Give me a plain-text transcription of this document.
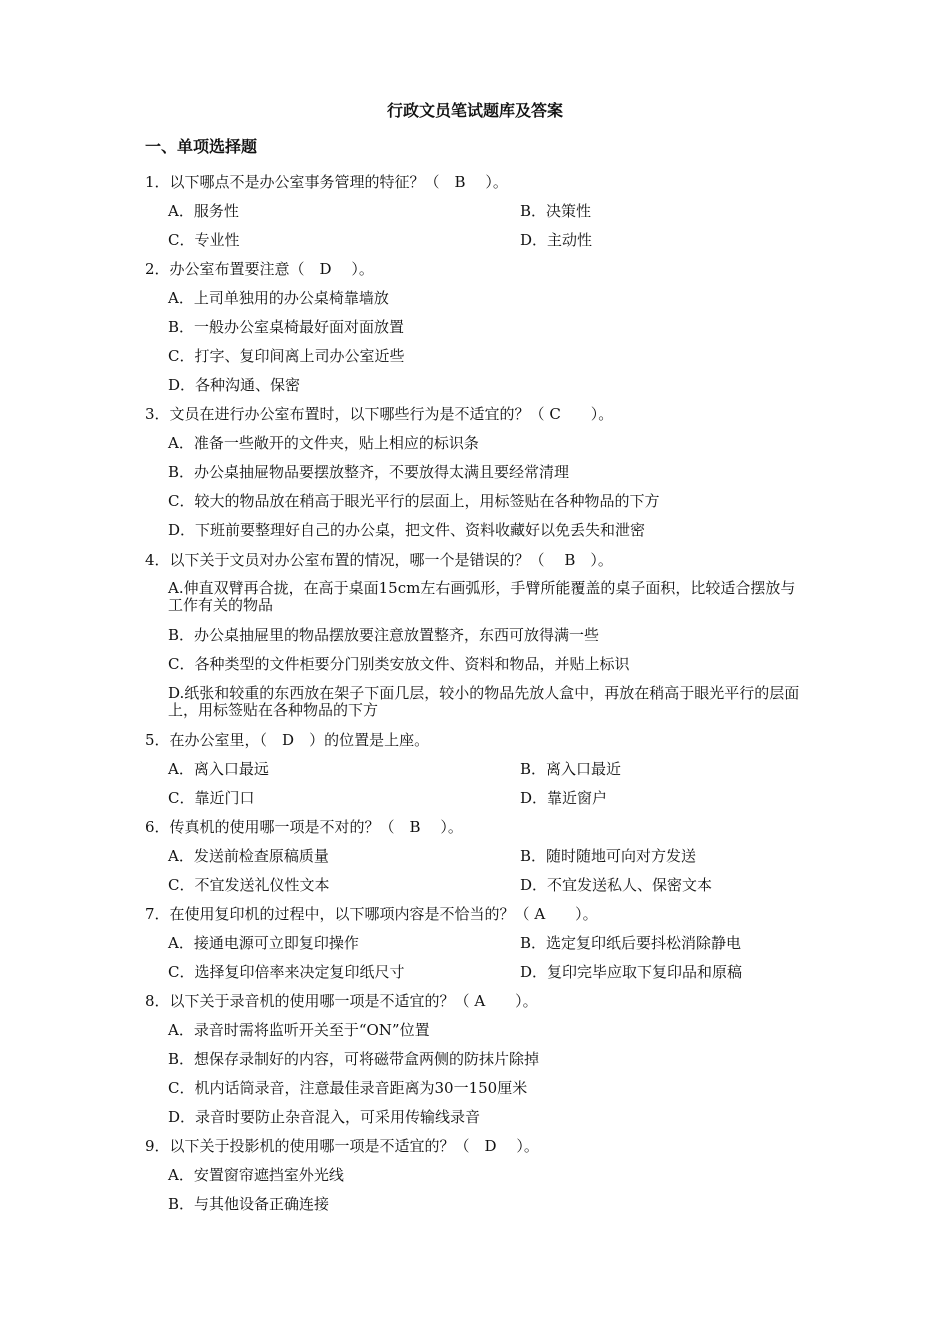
行政文员笔试题库及答案
一、单项选择题
1．以下哪点不是办公室事务管理的特征？（　B　 ）。
A．服务性	B．决策性
C．专业性	D．主动性
2．办公室布置要注意（　D　 ）。
A．上司单独用的办公桌椅靠墙放
B．一般办公室桌椅最好面对面放置
C．打字、复印间离上司办公室近些
D．各种沟通、保密
3．文员在进行办公室布置时，以下哪些行为是不适宜的？（ C　　）。
A．准备一些敞开的文件夹，贴上相应的标识条
B．办公桌抽屉物品要摆放整齐，不要放得太满且要经常清理
C．较大的物品放在稍高于眼光平行的层面上，用标签贴在各种物品的下方
D．下班前要整理好自己的办公桌，把文件、资料收藏好以免丢失和泄密
4．以下关于文员对办公室布置的情况，哪一个是错误的？（　 B　）。
A.伸直双臂再合拢，在高于桌面15cm左右画弧形，手臂所能覆盖的桌子面积，比较适合摆放与工作有关的物品
B．办公桌抽屉里的物品摆放要注意放置整齐，东西可放得满一些
C．各种类型的文件柜要分门别类安放文件、资料和物品，并贴上标识
D.纸张和较重的东西放在架子下面几层，较小的物品先放人盒中，再放在稍高于眼光平行的层面上，用标签贴在各种物品的下方
5．在办公室里，（　D　）的位置是上座。
A．离入口最远	B．离入口最近
C．靠近门口	D．靠近窗户
6．传真机的使用哪一项是不对的？（　B　 ）。
A．发送前检查原稿质量	B．随时随地可向对方发送
C．不宜发送礼仪性文本	D．不宜发送私人、保密文本
7．在使用复印机的过程中，以下哪项内容是不恰当的？（ A　　）。
A．接通电源可立即复印操作	B．选定复印纸后要抖松消除静电
C．选择复印倍率来决定复印纸尺寸	D．复印完毕应取下复印品和原稿
8．以下关于录音机的使用哪一项是不适宜的？（ A　　）。
A．录音时需将监听开关至于“ON”位置
B．想保存录制好的内容，可将磁带盒两侧的防抹片除掉
C．机内话筒录音，注意最佳录音距离为30一150厘米
D．录音时要防止杂音混入，可采用传输线录音
9．以下关于投影机的使用哪一项是不适宜的？（　D　 ）。
A．安置窗帘遮挡室外光线
B．与其他设备正确连接
